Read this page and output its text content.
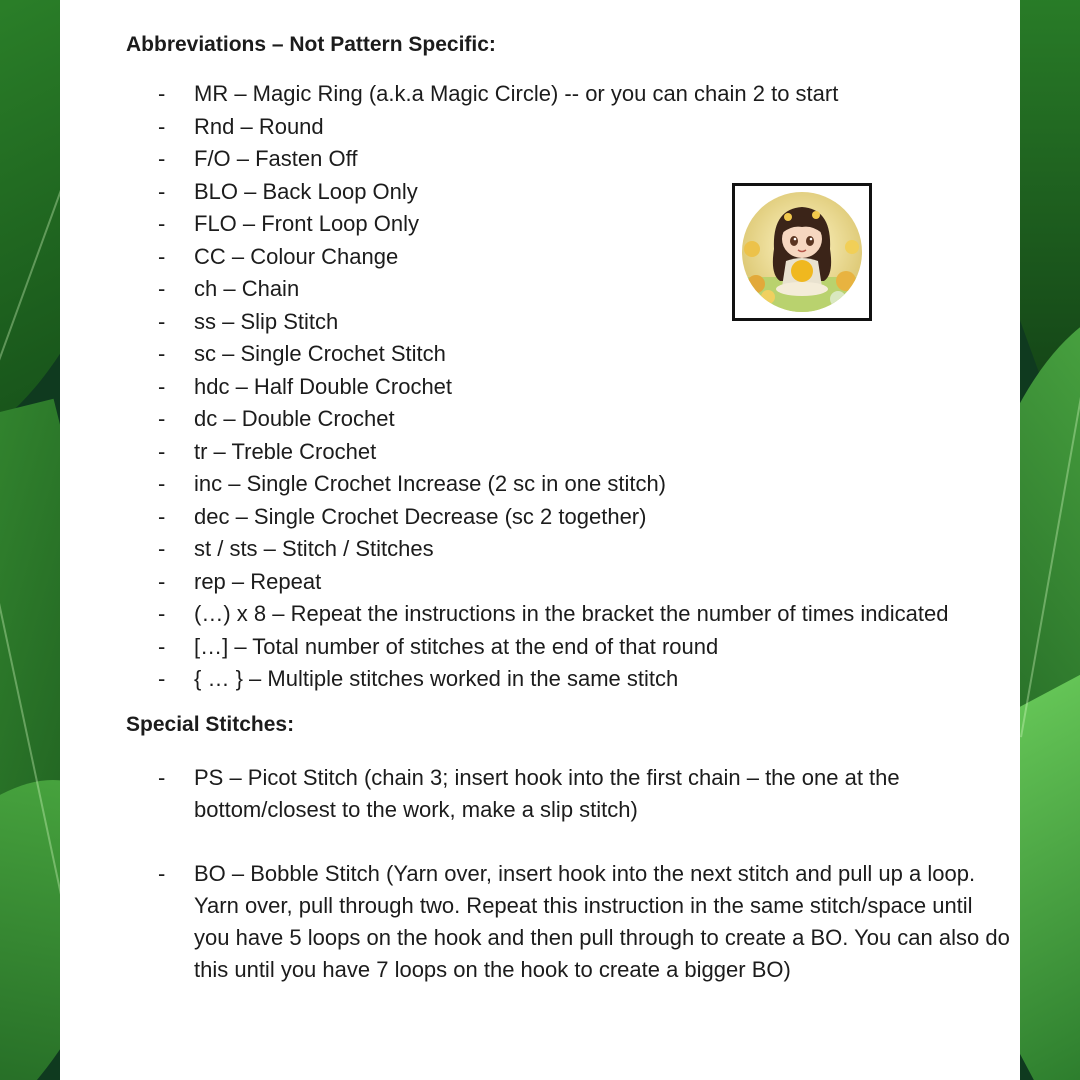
Abbreviations – Not Pattern Specific:
- MR – Magic Ring (a.k.a Magic Circle) -- or you can chain 2 to start
- Rnd – Round
- F/O – Fasten Off
- BLO – Back Loop Only
- FLO – Front Loop Only
- CC – Colour Change
- ch – Chain
- ss – Slip Stitch
- sc – Single Crochet Stitch
- hdc – Half Double Crochet
- dc – Double Crochet
- tr – Treble Crochet
- inc – Single Crochet Increase (2 sc in one stitch)
- dec – Single Crochet Decrease (sc 2 together)
- st / sts – Stitch / Stitches
- rep – Repeat
- (…) x 8 – Repeat the instructions in the bracket the number of times indicated
- […] – Total number of stitches at the end of that round
- { … } – Multiple stitches worked in the same stitch
Special Stitches:
- PS – Picot Stitch (chain 3; insert hook into the first chain – the one at the bottom/closest to the work, make a slip stitch)
- BO – Bobble Stitch (Yarn over, insert hook into the next stitch and pull up a loop. Yarn over, pull through two. Repeat this instruction in the same stitch/space until you have 5 loops on the hook and then pull through to create a BO. You can also do this until you have 7 loops on the hook to create a bigger BO)
